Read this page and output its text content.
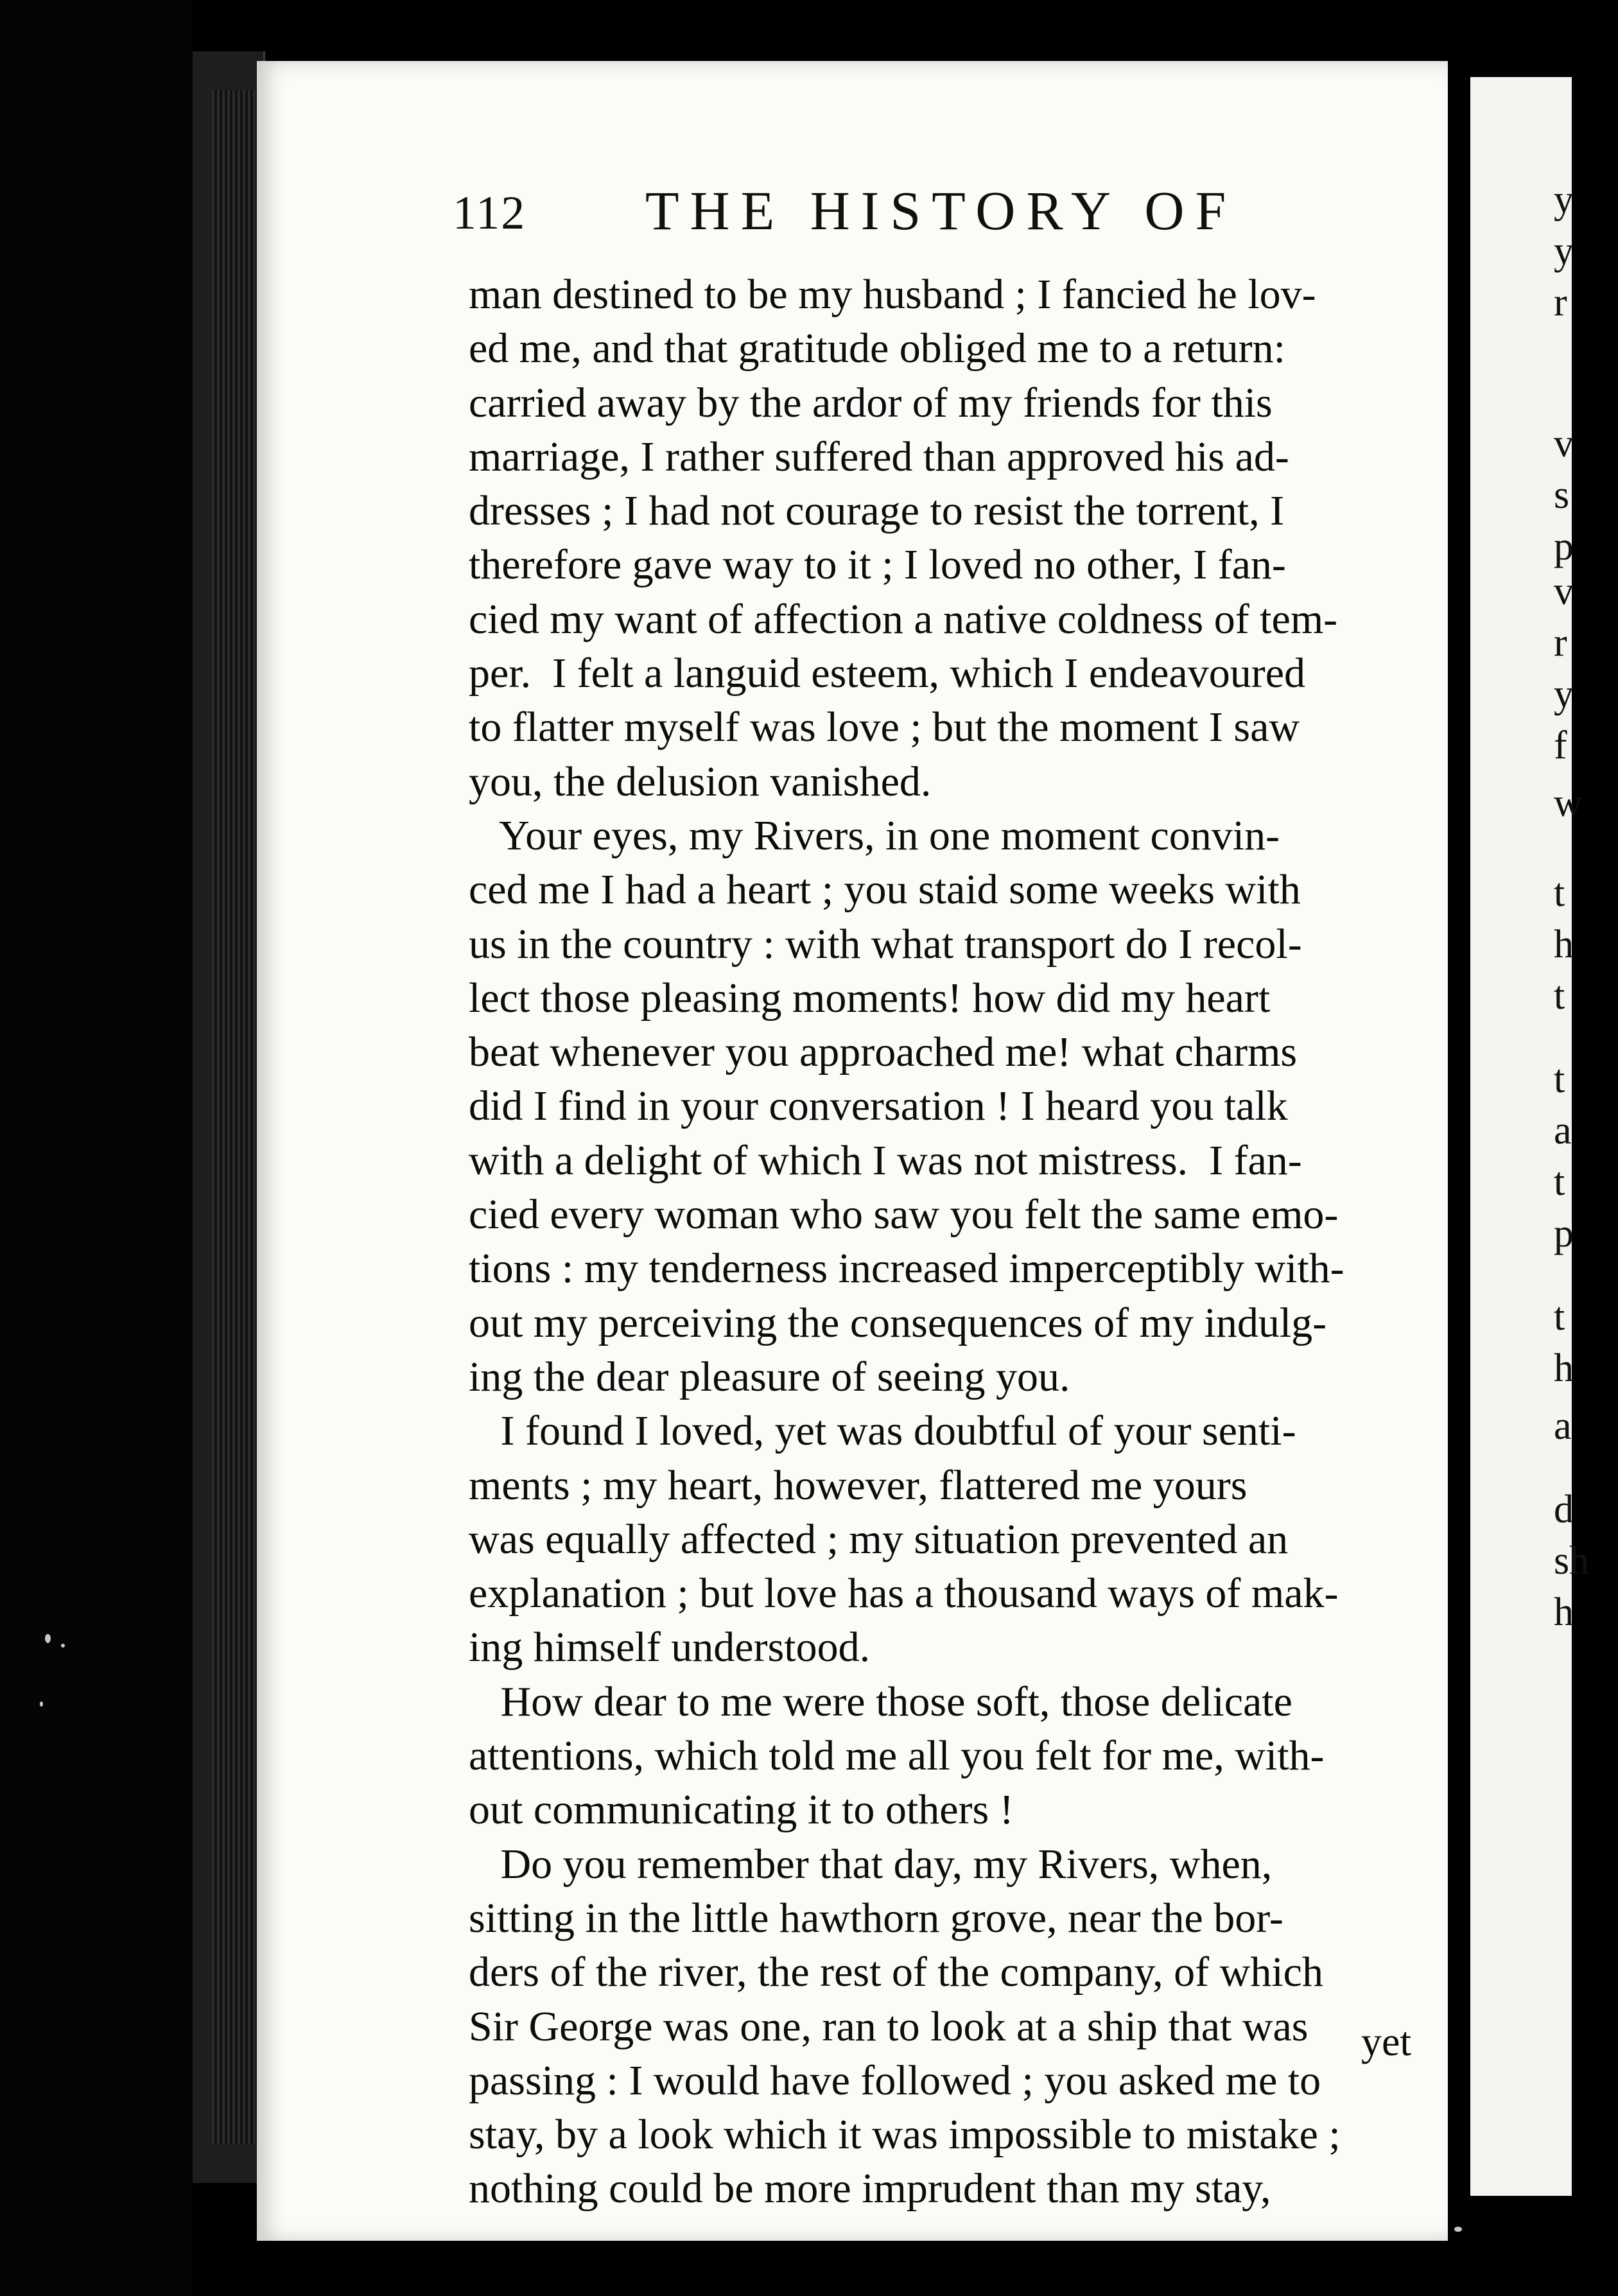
112 THE HISTORY OF
man destined to be my husband ; I fancied he lov-
ed me, and that gratitude obliged me to a return:
carried away by the ardor of my friends for this
marriage, I rather suffered than approved his ad-
dresses ; I had not courage to resist the torrent, I
therefore gave way to it ; I loved no other, I fan-
cied my want of affection a native coldness of tem-
per.  I felt a languid esteem, which I endeavoured
to flatter myself was love ; but the moment I saw
you, the delusion vanished.
Your eyes, my Rivers, in one moment convin-
ced me I had a heart ; you staid some weeks with
us in the country : with what transport do I recol-
lect those pleasing moments! how did my heart
beat whenever you approached me! what charms
did I find in your conversation ! I heard you talk
with a delight of which I was not mistress.  I fan-
cied every woman who saw you felt the same emo-
tions : my tenderness increased imperceptibly with-
out my perceiving the consequences of my indulg-
ing the dear pleasure of seeing you.
I found I loved, yet was doubtful of your senti-
ments ; my heart, however, flattered me yours
was equally affected ; my situation prevented an
explanation ; but love has a thousand ways of mak-
ing himself understood.
How dear to me were those soft, those delicate
attentions, which told me all you felt for me, with-
out communicating it to others !
Do you remember that day, my Rivers, when,
sitting in the little hawthorn grove, near the bor-
ders of the river, the rest of the company, of which
Sir George was one, ran to look at a ship that was
passing : I would have followed ; you asked me to
stay, by a look which it was impossible to mistake ;
nothing could be more imprudent than my stay,
yet
y
y
r
v
s
p
v
r
y
f
w
t
h
t
t
a
t
p
t
h
a
d
sh
h
